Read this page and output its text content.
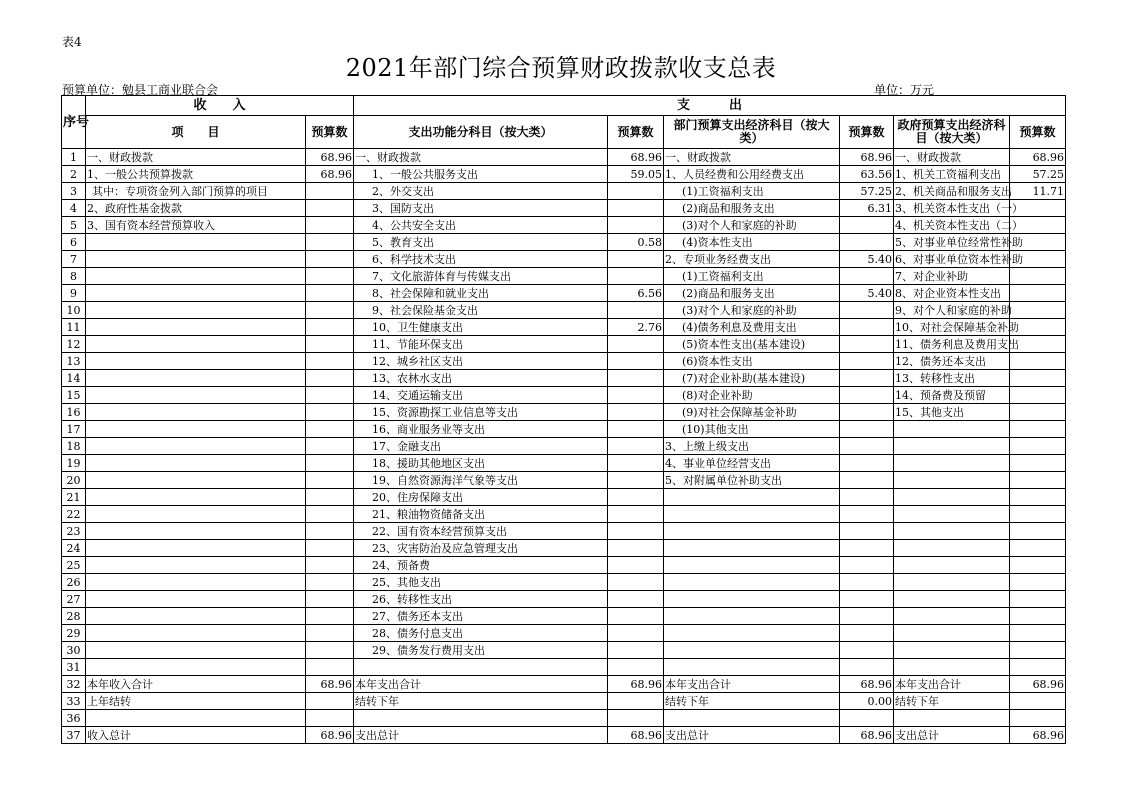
表4
2021年部门综合预算财政拨款收支总表
预算单位：勉县工商业联合会	单位：万元
序号	收　　入		支　　　出					
	项　　目	预算数	支出功能分科目（按大类）	预算数	部门预算支出经济科目（按大类）	预算数	政府预算支出经济科目（按大类）	预算数
1	一、财政拨款	68.96	一、财政拨款	68.96	一、财政拨款	68.96	一、财政拨款	68.96
2	1、一般公共预算拨款	68.96	1、一般公共服务支出	59.05	1、人员经费和公用经费支出	63.56	1、机关工资福利支出	57.25
3	其中：专项资金列入部门预算的项目		2、外交支出		(1)工资福利支出	57.25	2、机关商品和服务支出	11.71
4	2、政府性基金拨款		3、国防支出		(2)商品和服务支出	6.31	3、机关资本性支出（一）	
5	3、国有资本经营预算收入		4、公共安全支出		(3)对个人和家庭的补助		4、机关资本性支出（二）	
6			5、教育支出	0.58	(4)资本性支出		5、对事业单位经常性补助	
7			6、科学技术支出		2、专项业务经费支出	5.40	6、对事业单位资本性补助	
8			7、文化旅游体育与传媒支出		(1)工资福利支出		7、对企业补助	
9			8、社会保障和就业支出	6.56	(2)商品和服务支出	5.40	8、对企业资本性支出	
10			9、社会保险基金支出		(3)对个人和家庭的补助		9、对个人和家庭的补助	
11			10、卫生健康支出	2.76	(4)债务利息及费用支出		10、对社会保障基金补助	
12			11、节能环保支出		(5)资本性支出(基本建设)		11、债务利息及费用支出	
13			12、城乡社区支出		(6)资本性支出		12、债务还本支出	
14			13、农林水支出		(7)对企业补助(基本建设)		13、转移性支出	
15			14、交通运输支出		(8)对企业补助		14、预备费及预留	
16			15、资源勘探工业信息等支出		(9)对社会保障基金补助		15、其他支出	
17			16、商业服务业等支出		(10)其他支出			
18			17、金融支出		3、上缴上级支出			
19			18、援助其他地区支出		4、事业单位经营支出			
20			19、自然资源海洋气象等支出		5、对附属单位补助支出			
21			20、住房保障支出					
22			21、粮油物资储备支出					
23			22、国有资本经营预算支出					
24			23、灾害防治及应急管理支出					
25			24、预备费					
26			25、其他支出					
27			26、转移性支出					
28			27、债务还本支出					
29			28、债务付息支出					
30			29、债务发行费用支出					
31								
32	本年收入合计	68.96	本年支出合计	68.96	本年支出合计	68.96	本年支出合计	68.96
33	上年结转		结转下年		结转下年	0.00	结转下年	
36								
37	收入总计	68.96	支出总计	68.96	支出总计	68.96	支出总计	68.96
